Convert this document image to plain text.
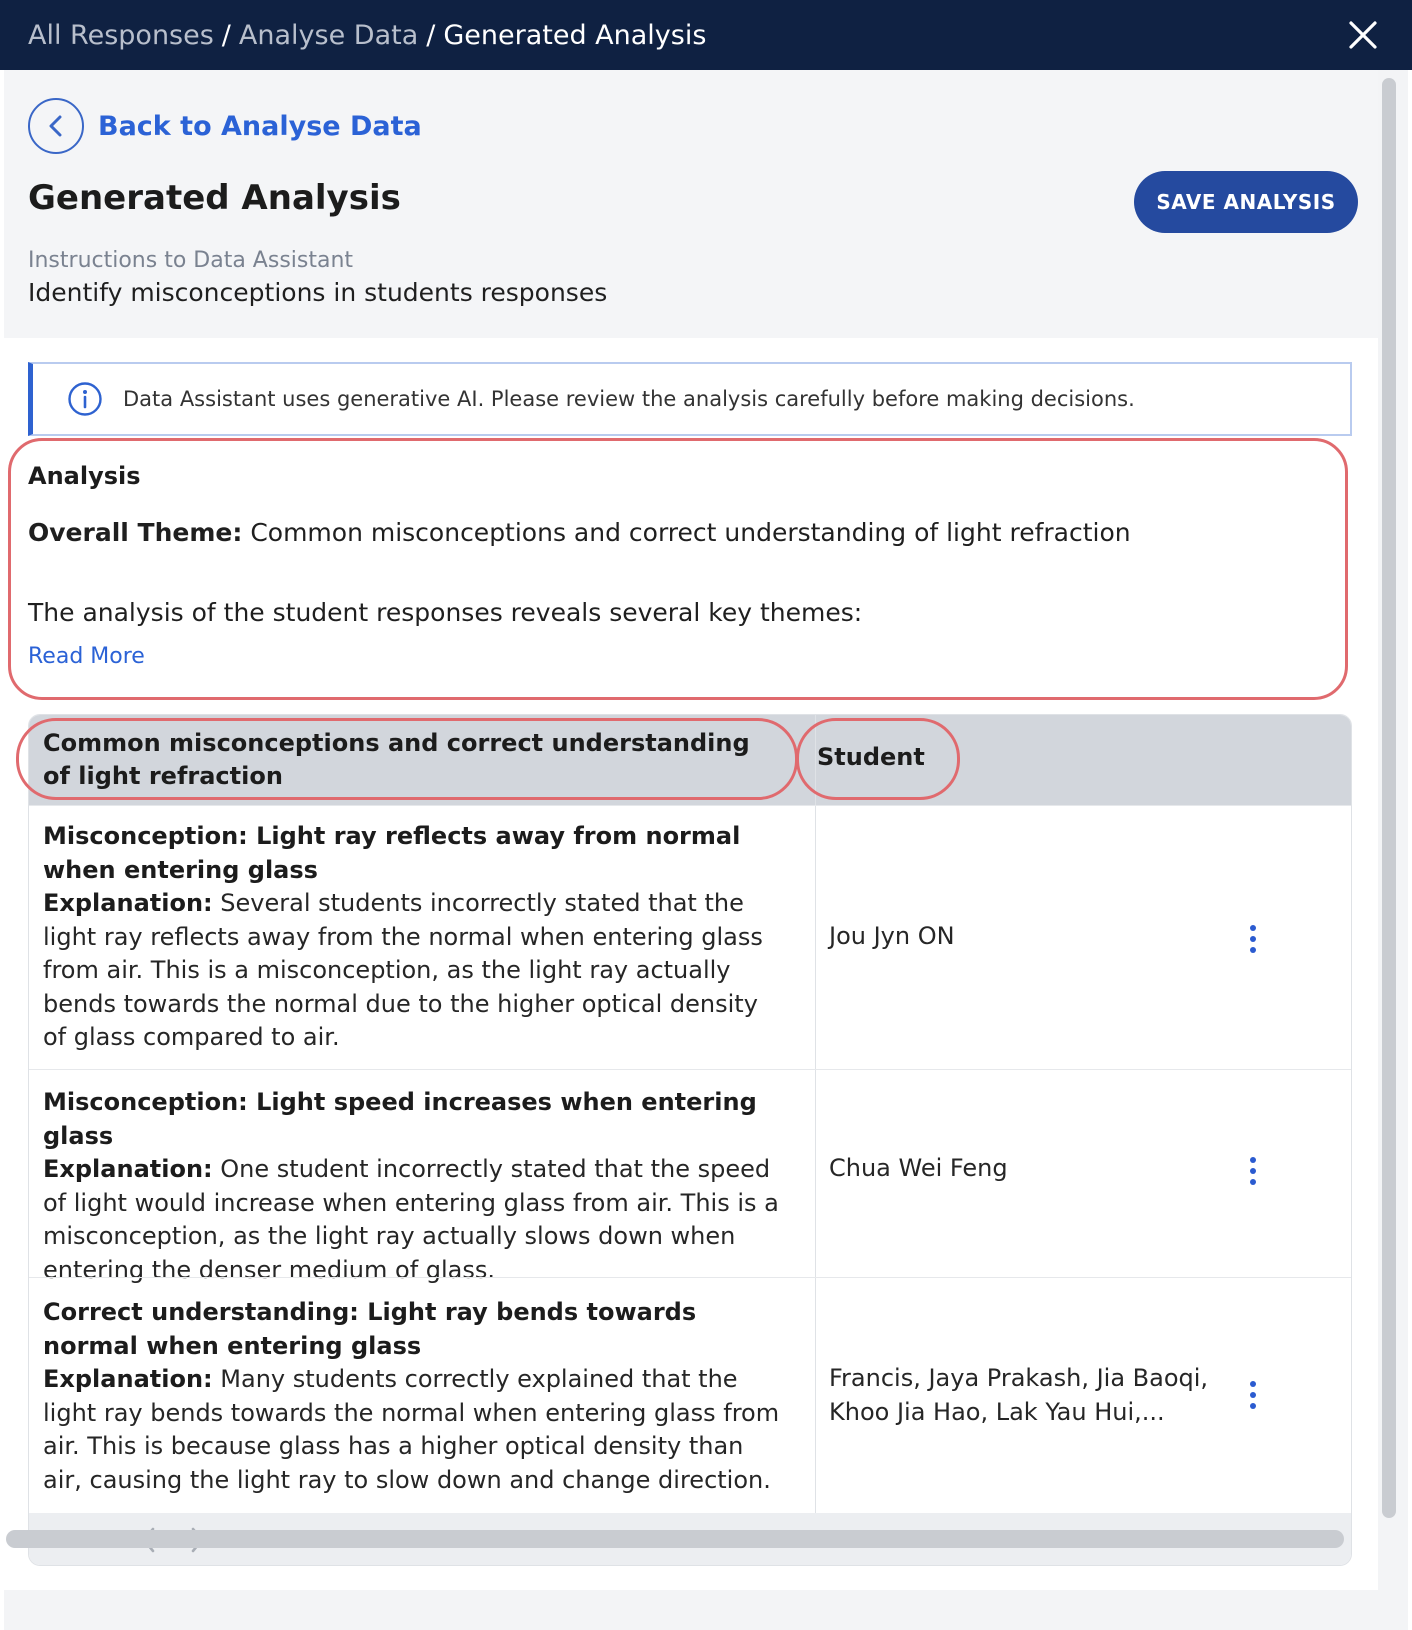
All Responses / Analyse Data / Generated Analysis
Back to Analyse Data
Generated Analysis	SAVE ANALYSIS
Instructions to Data Assistant
Identify misconceptions in students responses
Data Assistant uses generative AI. Please review the analysis carefully before making decisions.
Analysis
Overall Theme: Common misconceptions and correct understanding of light refraction
The analysis of the student responses reveals several key themes:
Read More
Common misconceptions and correct understanding of light refraction
Student
Misconception: Light ray reflects away from normal when entering glass
Explanation: Several students incorrectly stated that the light ray reflects away from the normal when entering glass from air. This is a misconception, as the light ray actually bends towards the normal due to the higher optical density of glass compared to air.
Jou Jyn ON
Misconception: Light speed increases when entering glass
Explanation: One student incorrectly stated that the speed of light would increase when entering glass from air. This is a misconception, as the light ray actually slows down when entering the denser medium of glass.
Chua Wei Feng
Correct understanding: Light ray bends towards normal when entering glass
Explanation: Many students correctly explained that the light ray bends towards the normal when entering glass from air. This is because glass has a higher optical density than air, causing the light ray to slow down and change direction.
Francis, Jaya Prakash, Jia Baoqi, Khoo Jia Hao, Lak Yau Hui,...
